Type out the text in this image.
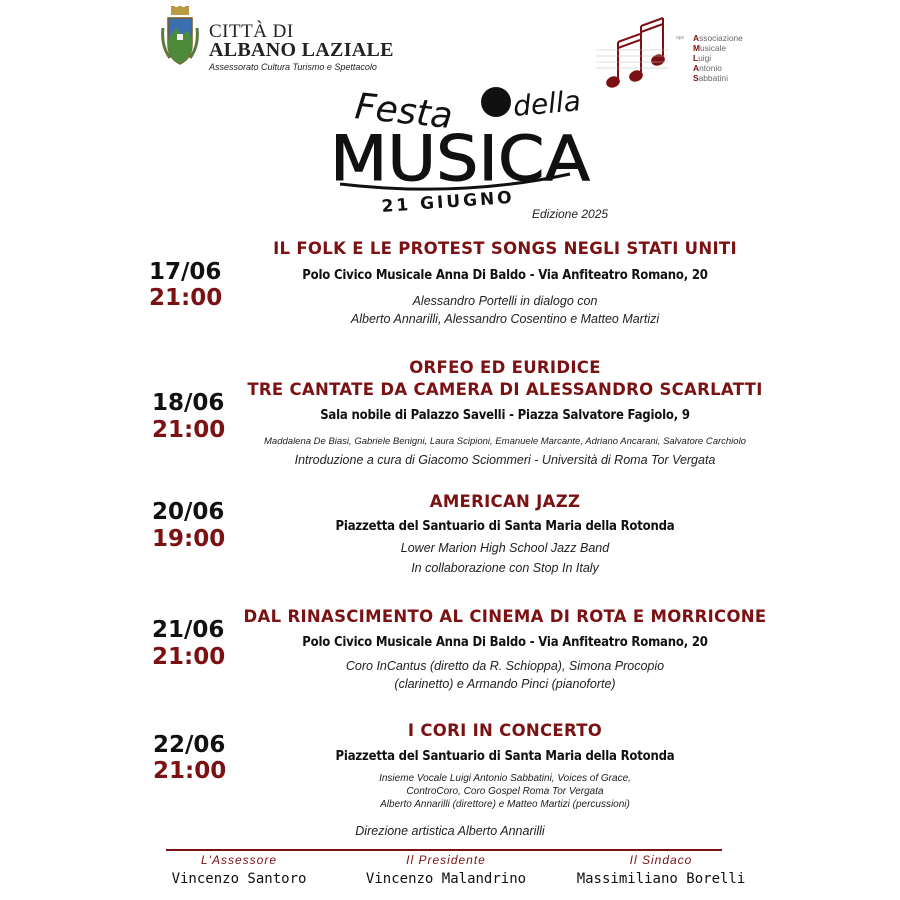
CITTÀ DI
ALBANO LAZIALE
Assessorato Cultura Turismo e Spettacolo
aps Associazione
Musicale
Luigi
Antonio
Sabbatini
Festa della
MUSICA
21 GIUGNO Edizione 2025
17/06
21:00
IL FOLK E LE PROTEST SONGS NEGLI STATI UNITI
Polo Civico Musicale Anna Di Baldo - Via Anfiteatro Romano, 20
Alessandro Portelli in dialogo con
Alberto Annarilli, Alessandro Cosentino e Matteo Martizi
18/06
21:00
ORFEO ED EURIDICE
TRE CANTATE DA CAMERA DI ALESSANDRO SCARLATTI
Sala nobile di Palazzo Savelli - Piazza Salvatore Fagiolo, 9
Maddalena De Biasi, Gabriele Benigni, Laura Scipioni, Emanuele Marcante, Adriano Ancarani, Salvatore Carchiolo
Introduzione a cura di Giacomo Sciommeri - Università di Roma Tor Vergata
20/06
19:00
AMERICAN JAZZ
Piazzetta del Santuario di Santa Maria della Rotonda
Lower Marion High School Jazz Band
In collaborazione con Stop In Italy
21/06
21:00
DAL RINASCIMENTO AL CINEMA DI ROTA E MORRICONE
Polo Civico Musicale Anna Di Baldo - Via Anfiteatro Romano, 20
Coro InCantus (diretto da R. Schioppa), Simona Procopio
(clarinetto) e Armando Pinci (pianoforte)
22/06
21:00
I CORI IN CONCERTO
Piazzetta del Santuario di Santa Maria della Rotonda
Insieme Vocale Luigi Antonio Sabbatini, Voices of Grace,
ControCoro, Coro Gospel Roma Tor Vergata
Alberto Annarilli (direttore) e Matteo Martizi (percussioni)
Direzione artistica Alberto Annarilli
L'Assessore
Vincenzo Santoro
Il Presidente
Vincenzo Malandrino
Il Sindaco
Massimiliano Borelli
